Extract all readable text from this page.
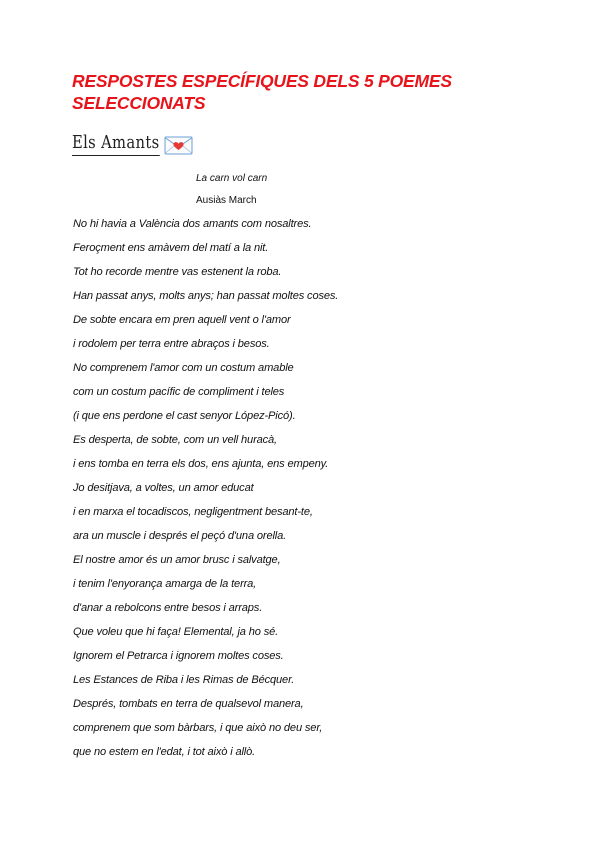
RESPOSTES ESPECÍFIQUES DELS 5 POEMES SELECCIONATS
Els Amants
La carn vol carn
Ausiàs March
No hi havia a València dos amants com nosaltres.
Feroçment ens amàvem del matí a la nit.
Tot ho recorde mentre vas estenent la roba.
Han passat anys, molts anys; han passat moltes coses.
De sobte encara em pren aquell vent o l'amor
i rodolem per terra entre abraços i besos.
No comprenem l'amor com un costum amable
com un costum pacífic de compliment i teles
(i que ens perdone el cast senyor López-Picó).
Es desperta, de sobte, com un vell huracà,
i ens tomba en terra els dos, ens ajunta, ens empeny.
Jo desitjava, a voltes, un amor educat
i en marxa el tocadiscos, negligentment besant-te,
ara un muscle i després el peçó d'una orella.
El nostre amor és un amor brusc i salvatge,
i tenim l'enyorança amarga de la terra,
d'anar a rebolcons entre besos i arraps.
Que voleu que hi faça! Elemental, ja ho sé.
Ignorem el Petrarca i ignorem moltes coses.
Les Estances de Riba i les Rimas de Bécquer.
Després, tombats en terra de qualsevol manera,
comprenem que som bàrbars, i que això no deu ser,
que no estem en l'edat, i tot això i allò.
